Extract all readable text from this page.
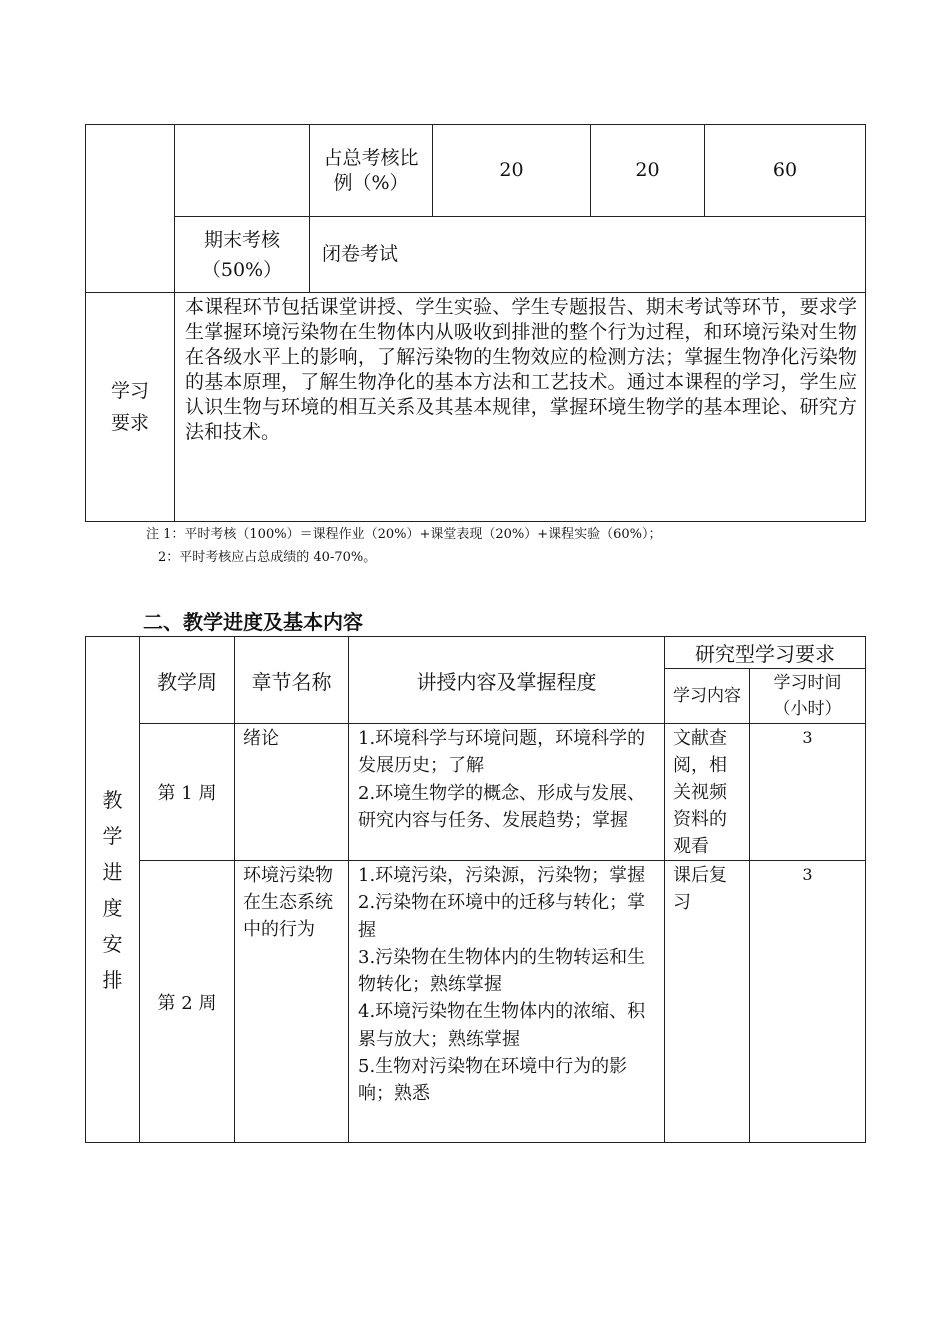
		占总考核比例（%）	20	20	60
	期末考核（50%）	闭卷考试			
学习要求	本课程环节包括课堂讲授、学生实验、学生专题报告、期末考试等环节，要求学生掌握环境污染物在生物体内从吸收到排泄的整个行为过程，和环境污染对生物在各级水平上的影响，了解污染物的生物效应的检测方法；掌握生物净化污染物的基本原理，了解生物净化的基本方法和工艺技术。通过本课程的学习，学生应认识生物与环境的相互关系及其基本规律，掌握环境生物学的基本理论、研究方法和技术。				
注 1：平时考核（100%）＝课程作业（20%）+课堂表现（20%）+课程实验（60%）；
2：平时考核应占总成绩的 40-70%。
二、教学进度及基本内容
教学进度安排	教学周	章节名称	讲授内容及掌握程度	研究型学习要求	
				学习内容	学习时间（小时）
	第 1 周	绪论	1.环境科学与环境问题，环境科学的发展历史；了解
2.环境生物学的概念、形成与发展、研究内容与任务、发展趋势；掌握	文献查阅，相关视频资料的观看	3
	第 2 周	环境污染物在生态系统中的行为	1.环境污染，污染源，污染物；掌握
2.污染物在环境中的迁移与转化；掌握
3.污染物在生物体内的生物转运和生物转化；熟练掌握
4.环境污染物在生物体内的浓缩、积累与放大；熟练掌握
5.生物对污染物在环境中行为的影响；熟悉	课后复习	3
